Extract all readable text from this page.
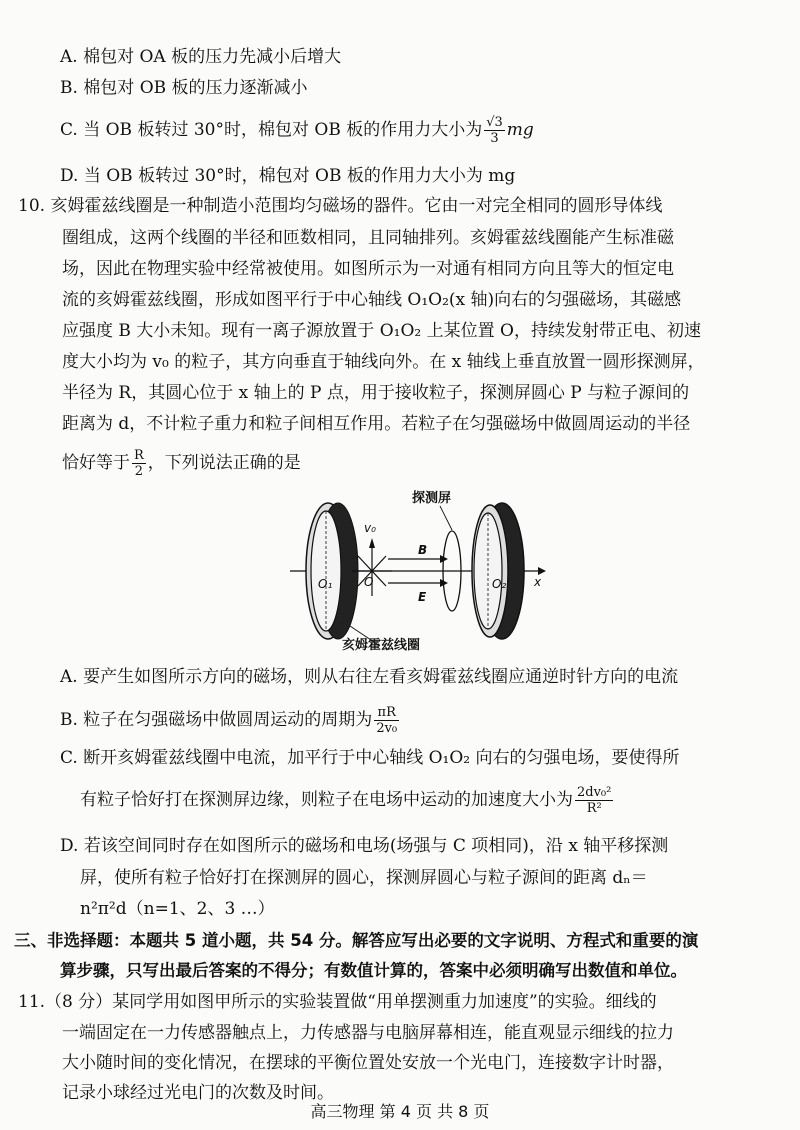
A. 棉包对 OA 板的压力先减小后增大
B. 棉包对 OB 板的压力逐渐减小
C. 当 OB 板转过 30°时，棉包对 OB 板的作用力大小为 $\frac{√3}{3}$ mg
D. 当 OB 板转过 30°时，棉包对 OB 板的作用力大小为 mg
10. 亥姆霍兹线圈是一种制造小范围均匀磁场的器件。它由一对完全相同的圆形导体线
圈组成，这两个线圈的半径和匝数相同，且同轴排列。亥姆霍兹线圈能产生标准磁
场，因此在物理实验中经常被使用。如图所示为一对通有相同方向且等大的恒定电
流的亥姆霍兹线圈，形成如图平行于中心轴线 O₁O₂(x 轴)向右的匀强磁场，其磁感
应强度 B 大小未知。现有一离子源放置于 O₁O₂ 上某位置 O，持续发射带正电、初速
度大小均为 v₀ 的粒子，其方向垂直于轴线向外。在 x 轴线上垂直放置一圆形探测屏，
半径为 R，其圆心位于 x 轴上的 P 点，用于接收粒子，探测屏圆心 P 与粒子源间的
距离为 d，不计粒子重力和粒子间相互作用。若粒子在匀强磁场中做圆周运动的半径
恰好等于 $\frac{R}{2}$ ，下列说法正确的是
探测屏
v₀
B
E
O
O₁	O₂ x
亥姆霍兹线圈
A. 要产生如图所示方向的磁场，则从右往左看亥姆霍兹线圈应通逆时针方向的电流
B. 粒子在匀强磁场中做圆周运动的周期为 $\frac{\pi R}{\text{2v₀}}$
C. 断开亥姆霍兹线圈中电流，加平行于中心轴线 O₁O₂ 向右的匀强电场，要使得所
有粒子恰好打在探测屏边缘，则粒子在电场中运动的加速度大小为 $\frac{\text{2dv₀²}}{\text{R²}}$
D. 若该空间同时存在如图所示的磁场和电场(场强与 C 项相同)，沿 x 轴平移探测
屏，使所有粒子恰好打在探测屏的圆心，探测屏圆心与粒子源间的距离 dₙ＝
n²π²d（n=1、2、3 …）
三、非选择题：本题共 5 道小题，共 54 分。解答应写出必要的文字说明、方程式和重要的演
算步骤，只写出最后答案的不得分；有数值计算的，答案中必须明确写出数值和单位。
11.（8 分）某同学用如图甲所示的实验装置做“用单摆测重力加速度”的实验。细线的
一端固定在一力传感器触点上，力传感器与电脑屏幕相连，能直观显示细线的拉力
大小随时间的变化情况，在摆球的平衡位置处安放一个光电门，连接数字计时器，
记录小球经过光电门的次数及时间。
高三物理 第 4 页 共 8 页
